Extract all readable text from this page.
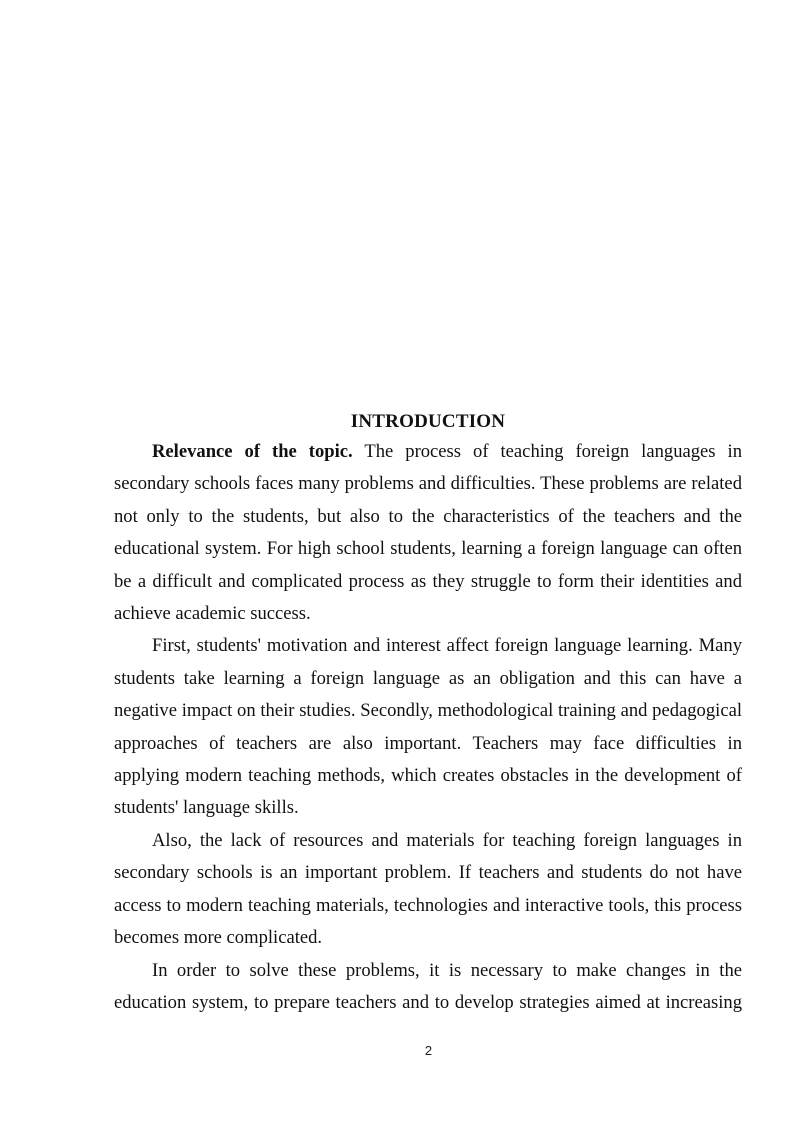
INTRODUCTION

Relevance of the topic. The process of teaching foreign languages in secondary schools faces many problems and difficulties. These problems are related not only to the students, but also to the characteristics of the teachers and the educational system. For high school students, learning a foreign language can often be a difficult and complicated process as they struggle to form their identities and achieve academic success.

First, students' motivation and interest affect foreign language learning. Many students take learning a foreign language as an obligation and this can have a negative impact on their studies. Secondly, methodological training and pedagogical approaches of teachers are also important. Teachers may face difficulties in applying modern teaching methods, which creates obstacles in the development of students' language skills.

Also, the lack of resources and materials for teaching foreign languages in secondary schools is an important problem. If teachers and students do not have access to modern teaching materials, technologies and interactive tools, this process becomes more complicated.

In order to solve these problems, it is necessary to make changes in the education system, to prepare teachers and to develop strategies aimed at increasing

2
